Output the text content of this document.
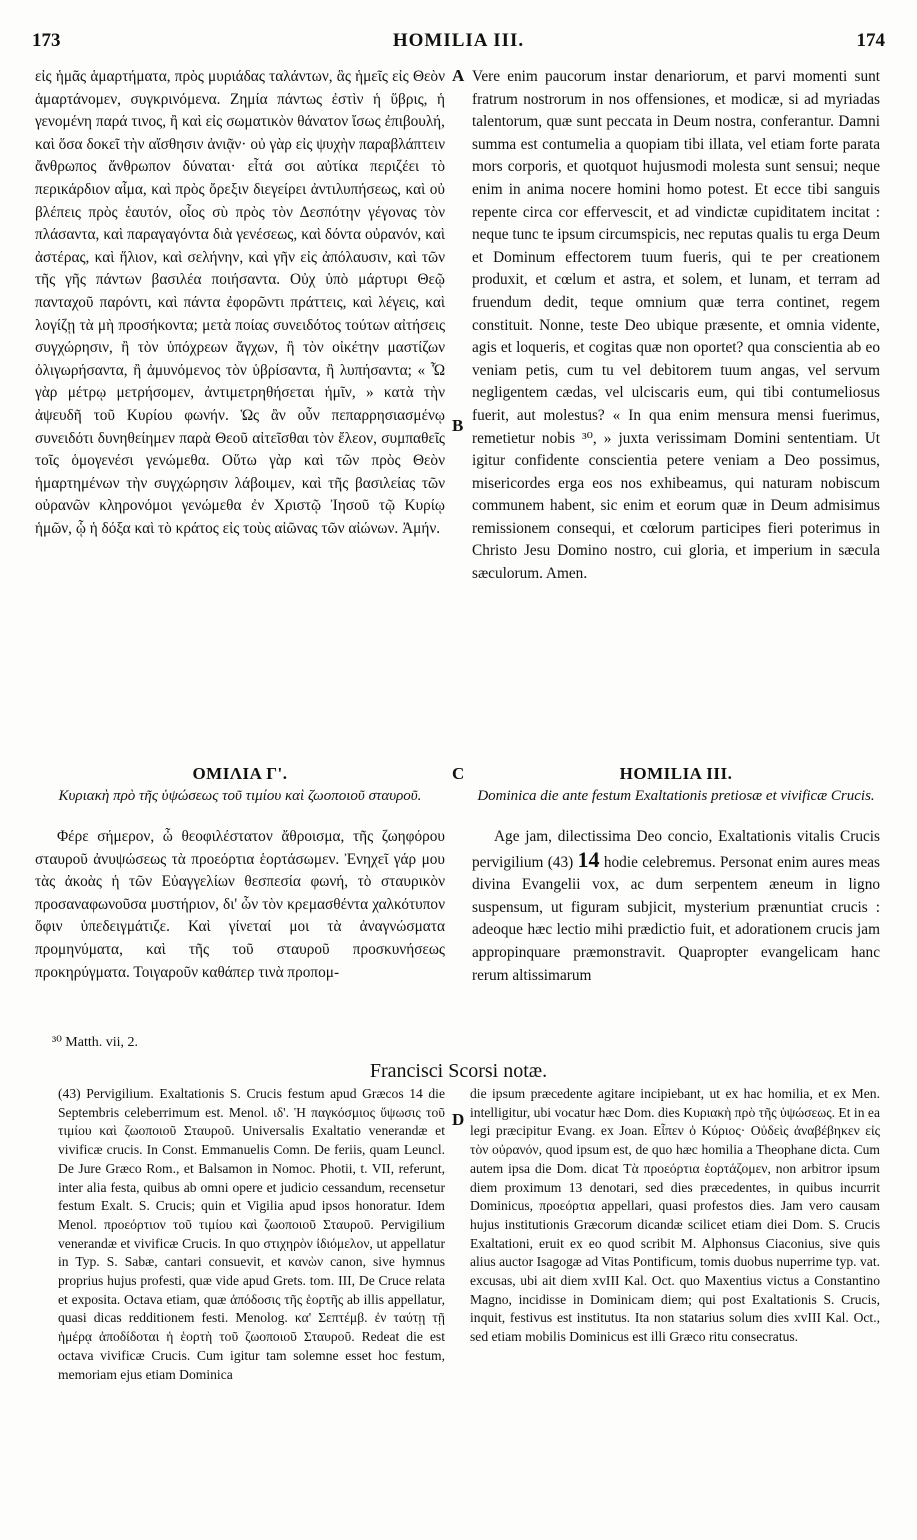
173	HOMILIA III.	174
A
B
C
D

εἰς ἡμᾶς ἁμαρτήματα, πρὸς μυριάδας ταλάντων, ἃς ἡμεῖς εἰς Θεὸν ἁμαρτάνομεν, συγκρινόμενα. Ζημία πάντως ἐστὶν ἡ ὕβρις, ἡ γενομένη παρά τινος, ἢ καὶ εἰς σωματικὸν θάνατον ἴσως ἐπιβουλή, καὶ ὅσα δοκεῖ τὴν αἴσθησιν ἀνιᾷν· οὐ γὰρ εἰς ψυχὴν παραβλάπτειν ἄνθρωπος ἄνθρωπον δύναται· εἶτά σοι αὐτίκα περιζέει τὸ περικάρδιον αἷμα, καὶ πρὸς ὄρεξιν διεγείρει ἀντιλυπήσεως, καὶ οὐ βλέπεις πρὸς ἑαυτόν, οἷος σὺ πρὸς τὸν Δεσπότην γέγονας τὸν πλάσαντα, καὶ παραγαγόντα διὰ γενέσεως, καὶ δόντα οὐρανόν, καὶ ἀστέρας, καὶ ἥλιον, καὶ σελήνην, καὶ γῆν εἰς ἀπόλαυσιν, καὶ τῶν τῆς γῆς πάντων βασιλέα ποιήσαντα. Οὐχ ὑπὸ μάρτυρι Θεῷ πανταχοῦ παρόντι, καὶ πάντα ἐφορῶντι πράττεις, καὶ λέγεις, καὶ λογίζῃ τὰ μὴ προσήκοντα; μετὰ ποίας συνειδότος τούτων αἰτήσεις συγχώρησιν, ἢ τὸν ὑπόχρεων ἄγχων, ἢ τὸν οἰκέτην μαστίζων ὀλιγωρήσαντα, ἢ ἀμυνόμενος τὸν ὑβρίσαντα, ἢ λυπήσαντα; « Ὧ γὰρ μέτρῳ μετρήσομεν, ἀντιμετρηθήσεται ἡμῖν, » κατὰ τὴν ἀψευδῆ τοῦ Κυρίου φωνήν. Ὡς ἂν οὖν πεπαρρησιασμένῳ συνειδότι δυνηθείημεν παρὰ Θεοῦ αἰτεῖσθαι τὸν ἔλεον, συμπαθεῖς τοῖς ὁμογενέσι γενώμεθα. Οὕτω γὰρ καὶ τῶν πρὸς Θεὸν ἡμαρτημένων τὴν συγχώρησιν λάβοιμεν, καὶ τῆς βασιλείας τῶν οὐρανῶν κληρονόμοι γενώμεθα ἐν Χριστῷ Ἰησοῦ τῷ Κυρίῳ ἡμῶν, ᾧ ἡ δόξα καὶ τὸ κράτος εἰς τοὺς αἰῶνας τῶν αἰώνων. Ἀμήν.

Vere enim paucorum instar denariorum, et parvi momenti sunt fratrum nostrorum in nos offensiones, et modicæ, si ad myriadas talentorum, quæ sunt peccata in Deum nostra, conferantur. Damni summa est contumelia a quopiam tibi illata, vel etiam forte parata mors corporis, et quotquot hujusmodi molesta sunt sensui; neque enim in anima nocere homini homo potest. Et ecce tibi sanguis repente circa cor effervescit, et ad vindictæ cupiditatem incitat : neque tunc te ipsum circumspicis, nec reputas qualis tu erga Deum et Dominum effectorem tuum fueris, qui te per creationem produxit, et cœlum et astra, et solem, et lunam, et terram ad fruendum dedit, teque omnium quæ terra continet, regem constituit. Nonne, teste Deo ubique præsente, et omnia vidente, agis et loqueris, et cogitas quæ non oportet? qua conscientia ab eo veniam petis, cum tu vel debitorem tuum angas, vel servum negligentem cædas, vel ulciscaris eum, qui tibi contumeliosus fuerit, aut molestus? « In qua enim mensura mensi fuerimus, remetietur nobis ³⁰, » juxta verissimam Domini sententiam. Ut igitur confidente conscientia petere veniam a Deo possimus, misericordes erga eos nos exhibeamus, qui naturam nobiscum communem habent, sic enim et eorum quæ in Deum admisimus remissionem consequi, et cœlorum participes fieri poterimus in Christo Jesu Domino nostro, cui gloria, et imperium in sæcula sæculorum. Amen.

ΟΜΙΛΙΑ Γ'.
Κυριακὴ πρὸ τῆς ὑψώσεως τοῦ τιμίου καὶ ζωοποιοῦ σταυροῦ.
HOMILIA III.
Dominica die ante festum Exaltationis pretiosæ et vivificæ Crucis.

Φέρε σήμερον, ὦ θεοφιλέστατον ἄθροισμα, τῆς ζωηφόρου σταυροῦ ἀνυψώσεως τὰ προεόρτια ἑορτάσωμεν. Ἐνηχεῖ γάρ μου τὰς ἀκοὰς ἡ τῶν Εὐαγγελίων θεσπεσία φωνή, τὸ σταυρικὸν προσαναφωνοῦσα μυστήριον, δι' ὧν τὸν κρεμασθέντα χαλκότυπον ὄφιν ὑπεδειγμάτιζε. Καὶ γίνεταί μοι τὰ ἀναγνώσματα προμηνύματα, καὶ τῆς τοῦ σταυροῦ προσκυνήσεως προκηρύγματα. Τοιγαροῦν καθάπερ τινὰ προπομ-

Age jam, dilectissima Deo concio, Exaltationis vitalis Crucis pervigilium (43) 14 hodie celebremus. Personat enim aures meas divina Evangelii vox, ac dum serpentem æneum in ligno suspensum, ut figuram subjicit, mysterium prænuntiat crucis : adeoque hæc lectio mihi prædictio fuit, et adorationem crucis jam appropinquare præmonstravit. Quapropter evangelicam hanc rerum altissimarum

³⁰ Matth. vii, 2.
Francisci Scorsi notæ.

(43) Pervigilium. Exaltationis S. Crucis festum apud Græcos 14 die Septembris celeberrimum est. Menol. ιδ'. Ἡ παγκόσμιος ὕψωσις τοῦ τιμίου καὶ ζωοποιοῦ Σταυροῦ. Universalis Exaltatio venerandæ et vivificæ crucis. In Const. Emmanuelis Comn. De feriis, quam Leuncl. De Jure Græco Rom., et Balsamon in Nomoc. Photii, t. VII, referunt, inter alia festa, quibus ab omni opere et judicio cessandum, recensetur festum Exalt. S. Crucis; quin et Vigilia apud ipsos honoratur. Idem Menol. προεόρτιον τοῦ τιμίου καὶ ζωοποιοῦ Σταυροῦ. Pervigilium venerandæ et vivificæ Crucis. In quo στιχηρὸν ἰδιόμελον, ut appellatur in Typ. S. Sabæ, cantari consuevit, et κανὼν canon, sive hymnus proprius hujus profesti, quæ vide apud Grets. tom. III, De Cruce relata et exposita. Octava etiam, quæ ἀπόδοσις τῆς ἑορτῆς ab illis appellatur, quasi dicas redditionem festi. Menolog. κα' Σεπτέμβ. ἐν ταύτῃ τῇ ἡμέρᾳ ἀποδίδοται ἡ ἑορτὴ τοῦ ζωοποιοῦ Σταυροῦ. Redeat die est octava vivificæ Crucis. Cum igitur tam solemne esset hoc festum, memoriam ejus etiam Dominica

die ipsum præcedente agitare incipiebant, ut ex hac homilia, et ex Men. intelligitur, ubi vocatur hæc Dom. dies Κυριακὴ πρὸ τῆς ὑψώσεως. Et in ea legi præcipitur Evang. ex Joan. Εἶπεν ὁ Κύριος· Οὐδεὶς ἀναβέβηκεν εἰς τὸν οὐρανόν, quod ipsum est, de quo hæc homilia a Theophane dicta. Cum autem ipsa die Dom. dicat Τὰ προεόρτια ἑορτάζομεν, non arbitror ipsum diem proximum 13 denotari, sed dies præcedentes, in quibus incurrit Dominicus, προεόρτια appellari, quasi profestos dies. Jam vero causam hujus institutionis Græcorum dicandæ scilicet etiam diei Dom. S. Crucis Exaltationi, eruit ex eo quod scribit M. Alphonsus Ciaconius, sive quis alius auctor Isagogæ ad Vitas Pontificum, tomis duobus nuperrime typ. vat. excusas, ubi ait diem xvIII Kal. Oct. quo Maxentius victus a Constantino Magno, incidisse in Dominicam diem; qui post Exaltationis S. Crucis, inquit, festivus est institutus. Ita non statarius solum dies xvIII Kal. Oct., sed etiam mobilis Dominicus est illi Græco ritu consecratus.
